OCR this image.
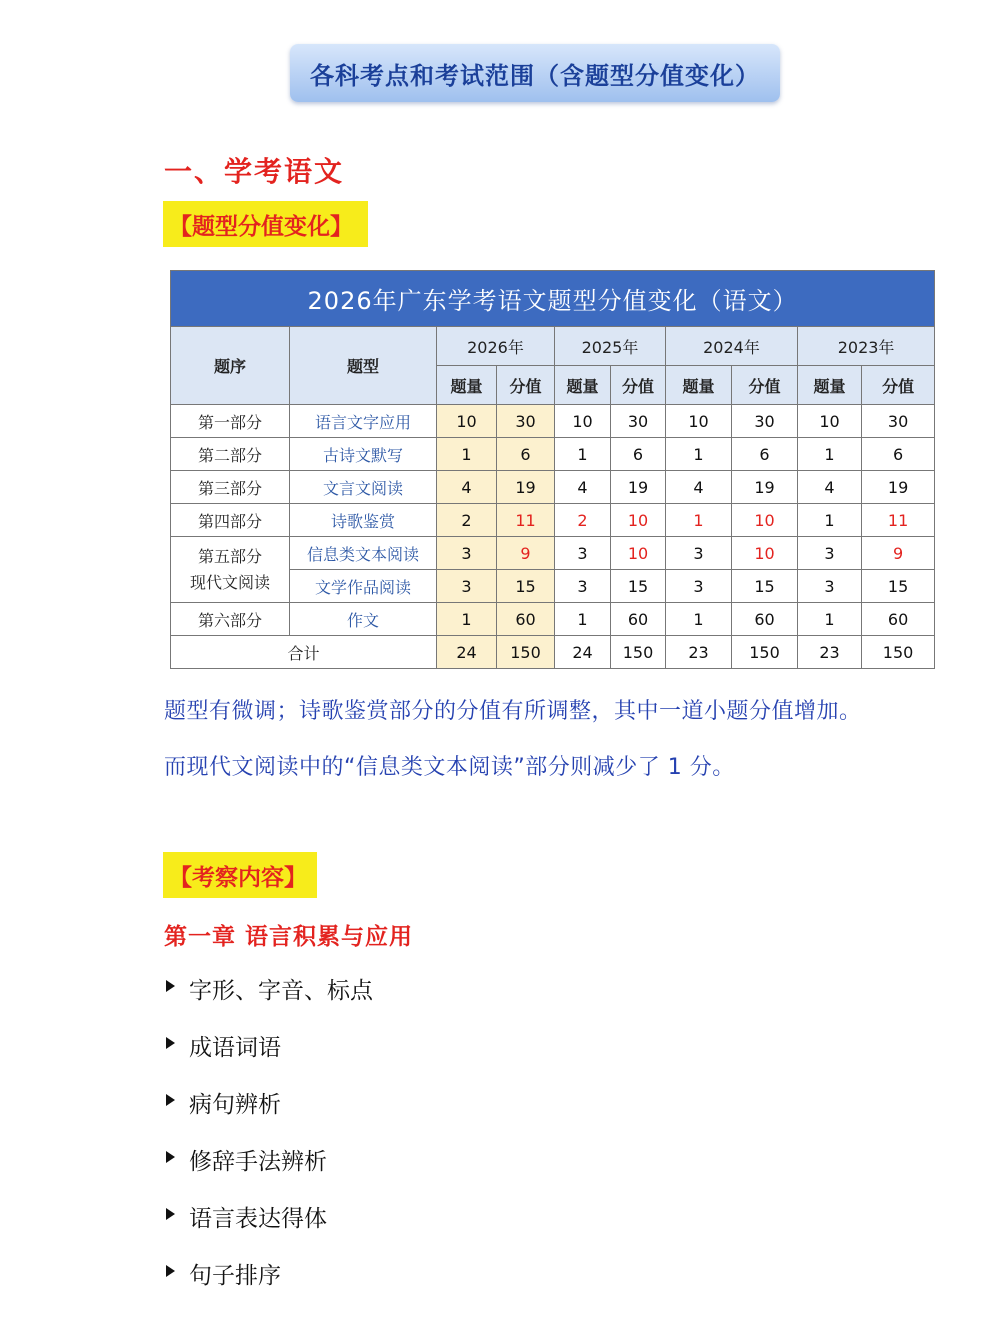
各科考点和考试范围（含题型分值变化）
一、学考语文
【题型分值变化】
2026年广东学考语文题型分值变化（语文）									
题序	题型	2026年		2025年		2024年		2023年	
		题量	分值	题量	分值	题量	分值	题量	分值
第一部分	语言文字应用	10	30	10	30	10	30	10	30
第二部分	古诗文默写	1	6	1	6	1	6	1	6
第三部分	文言文阅读	4	19	4	19	4	19	4	19
第四部分	诗歌鉴赏	2	11	2	10	1	10	1	11
第五部分
现代文阅读	信息类文本阅读	3	9	3	10	3	10	3	9
	文学作品阅读	3	15	3	15	3	15	3	15
第六部分	作文	1	60	1	60	1	60	1	60
合计		24	150	24	150	23	150	23	150
题型有微调；诗歌鉴赏部分的分值有所调整，其中一道小题分值增加。
而现代文阅读中的“信息类文本阅读”部分则减少了 1 分。
【考察内容】
第一章 语言积累与应用
字形、字音、标点
成语词语
病句辨析
修辞手法辨析
语言表达得体
句子排序
